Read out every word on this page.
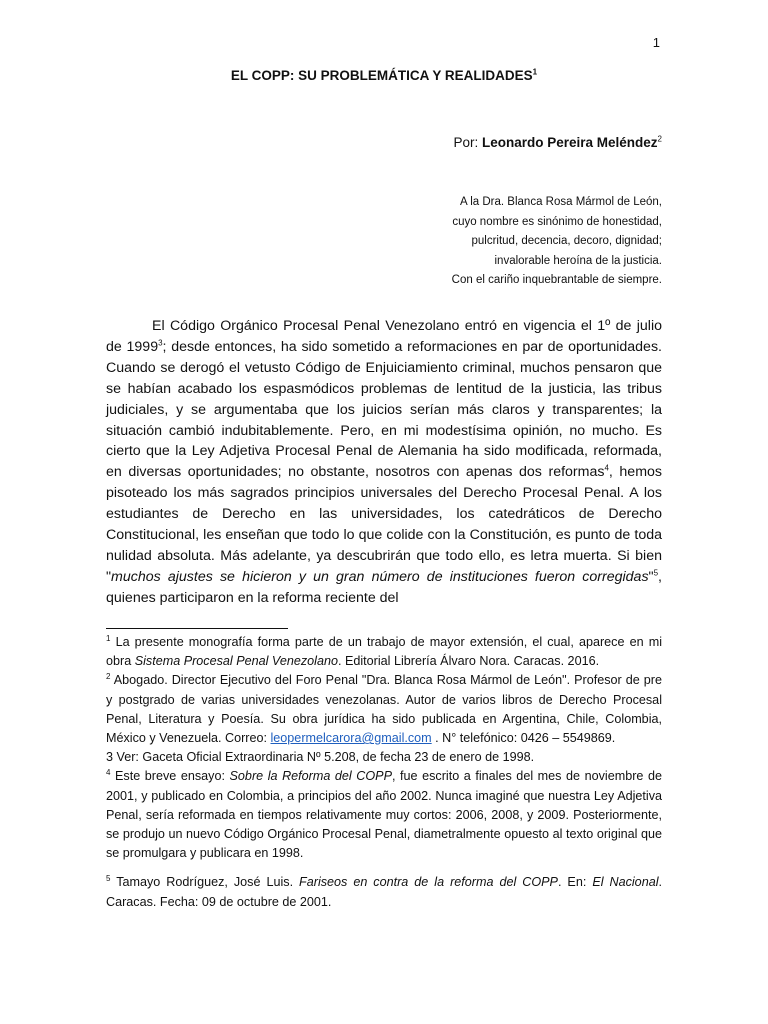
1
EL COPP: SU PROBLEMÁTICA Y REALIDADES$^1$
Por: Leonardo Pereira Meléndez$^2$
A la Dra. Blanca Rosa Mármol de León,
cuyo nombre es sinónimo de honestidad,
pulcritud, decencia, decoro, dignidad;
invalorable heroína de la justicia.
Con el cariño inquebrantable de siempre.

El Código Orgánico Procesal Penal Venezolano entró en vigencia el 1º de julio de 1999$^3$; desde entonces, ha sido sometido a reformaciones en par de oportunidades. Cuando se derogó el vetusto Código de Enjuiciamiento criminal, muchos pensaron que se habían acabado los espasmódicos problemas de lentitud de la justicia, las tribus judiciales, y se argumentaba que los juicios serían más claros y transparentes; la situación cambió indubitablemente. Pero, en mi modestísima opinión, no mucho. Es cierto que la Ley Adjetiva Procesal Penal de Alemania ha sido modificada, reformada, en diversas oportunidades; no obstante, nosotros con apenas dos reformas$^4$, hemos pisoteado los más sagrados principios universales del Derecho Procesal Penal. A los estudiantes de Derecho en las universidades, los catedráticos de Derecho Constitucional, les enseñan que todo lo que colide con la Constitución, es punto de toda nulidad absoluta. Más adelante, ya descubrirán que todo ello, es letra muerta. Si bien "muchos ajustes se hicieron y un gran número de instituciones fueron corregidas"$^5$, quienes participaron en la reforma reciente del

$^1$ La presente monografía forma parte de un trabajo de mayor extensión, el cual, aparece en mi obra Sistema Procesal Penal Venezolano. Editorial Librería Álvaro Nora. Caracas. 2016.

$^2$ Abogado. Director Ejecutivo del Foro Penal "Dra. Blanca Rosa Mármol de León". Profesor de pre y postgrado de varias universidades venezolanas. Autor de varios libros de Derecho Procesal Penal, Literatura y Poesía. Su obra jurídica ha sido publicada en Argentina, Chile, Colombia, México y Venezuela. Correo: leopermelcarora@gmail.com . N° telefónico: 0426 – 5549869.

3 Ver: Gaceta Oficial Extraordinaria Nº 5.208, de fecha 23 de enero de 1998.

$^4$ Este breve ensayo: Sobre la Reforma del COPP, fue escrito a finales del mes de noviembre de 2001, y publicado en Colombia, a principios del año 2002. Nunca imaginé que nuestra Ley Adjetiva Penal, sería reformada en tiempos relativamente muy cortos: 2006, 2008, y 2009. Posteriormente, se produjo un nuevo Código Orgánico Procesal Penal, diametralmente opuesto al texto original que se promulgara y publicara en 1998.

$^5$ Tamayo Rodríguez, José Luis. Fariseos en contra de la reforma del COPP. En: El Nacional. Caracas. Fecha: 09 de octubre de 2001.
